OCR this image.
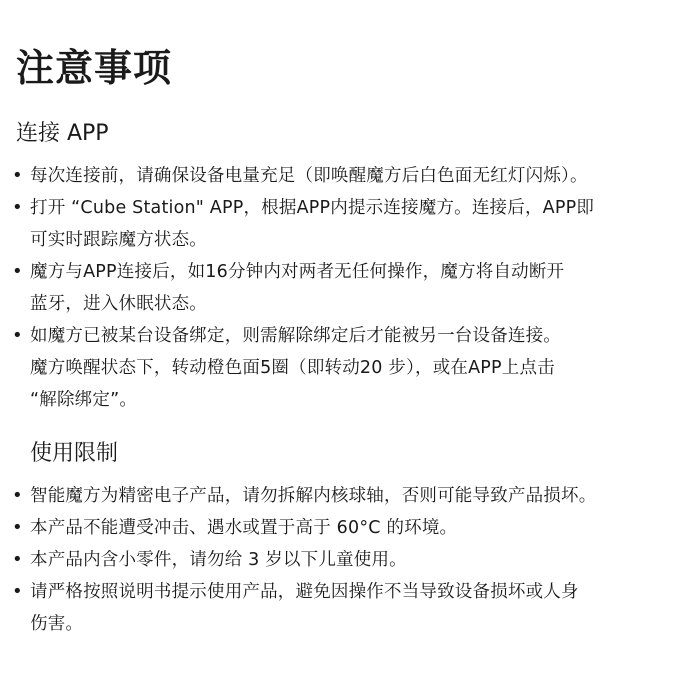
注意事项
连接 APP
• 每次连接前，请确保设备电量充足（即唤醒魔方后白色面无红灯闪烁）。
• 打开 “Cube Station" APP，根据APP内提示连接魔方。连接后，APP即
可实时跟踪魔方状态。
• 魔方与APP连接后，如16分钟内对两者无任何操作，魔方将自动断开
蓝牙，进入休眠状态。
• 如魔方已被某台设备绑定，则需解除绑定后才能被另一台设备连接。
魔方唤醒状态下，转动橙色面5圈（即转动20 步），或在APP上点击
“解除绑定”。
使用限制
• 智能魔方为精密电子产品，请勿拆解内核球轴，否则可能导致产品损坏。
• 本产品不能遭受冲击、遇水或置于高于 60°C 的环境。
• 本产品内含小零件，请勿给 3 岁以下儿童使用。
• 请严格按照说明书提示使用产品，避免因操作不当导致设备损坏或人身
伤害。
